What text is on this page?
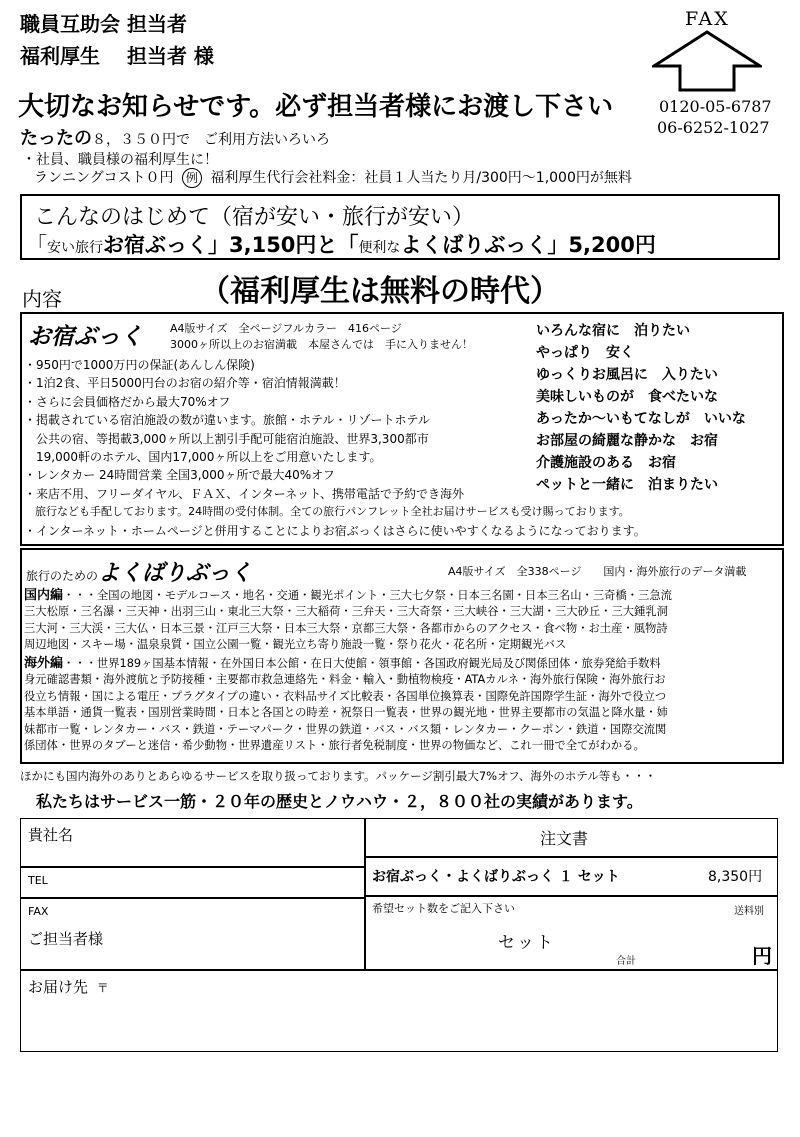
職員互助会 担当者
福利厚生　 担当者 様
FAX
0120-05-6787
06-6252-1027
大切なお知らせです。必ず担当者様にお渡し下さい
たったの８，３５０円で　ご利用方法いろいろ
・社員、職員様の福利厚生に！
ランニングコスト０円 例 福利厚生代行会社料金：社員１人当たり月/300円〜1,000円が無料
こんなのはじめて（宿が安い・旅行が安い）
「安い旅行お宿ぶっく」3,150円と「便利なよくばりぶっく」5,200円
内容	（福利厚生は無料の時代）
お宿ぶっく A4版サイズ　全ページフルカラー　416ページ
3000ヶ所以上のお宿満載　本屋さんでは　手に入りません！
・950円で1000万円の保証(あんしん保険)
・1泊2食、平日5000円台のお宿の紹介等・宿泊情報満載！
・さらに会員価格だから最大70%オフ
・掲載されている宿泊施設の数が違います。旅館・ホテル・リゾートホテル
　公共の宿、等掲載3,000ヶ所以上割引手配可能宿泊施設、世界3,300都市
　19,000軒のホテル、国内17,000ヶ所以上をご用意いたします。
・レンタカー 24時間営業 全国3,000ヶ所で最大40%オフ
・来店不用、フリーダイヤル、ＦＡＸ、インターネット、携帯電話で予約でき海外
　旅行なども手配しております。24時間の受付体制。全ての旅行パンフレット全社お届けサービスも受け賜っております。
・インターネット・ホームページと併用することによりお宿ぶっくはさらに使いやすくなるようになっております。
いろんな宿に　泊りたい
やっぱり　安く
ゆっくりお風呂に　入りたい
美味しいものが　食べたいな
あったか〜いもてなしが　いいな
お部屋の綺麗な静かな　お宿
介護施設のある　お宿
ペットと一緒に　泊まりたい
旅行のためのよくばりぶっく	A4版サイズ　全338ページ　　国内・海外旅行のデータ満載
国内編・・・全国の地図・モデルコース・地名・交通・観光ポイント・三大七夕祭・日本三名園・日本三名山・三奇橋・三急流
三大松原・三名瀑・三天神・出羽三山・東北三大祭・三大稲荷・三弁天・三大奇祭・三大峡谷・三大湖・三大砂丘・三大鍾乳洞
三大河・三大渓・三大仏・日本三景・江戸三大祭・日本三大祭・京都三大祭・各都市からのアクセス・食べ物・お土産・風物詩
周辺地図・スキー場・温泉泉質・国立公園一覧・観光立ち寄り施設一覧・祭り花火・花名所・定期観光バス
海外編・・・世界189ヶ国基本情報・在外国日本公館・在日大使館・領事館・各国政府観光局及び関係団体・旅券発給手数料
身元確認書類・海外渡航と予防接種・主要都市救急連絡先・料金・輸入・動植物検疫・ATAカルネ・海外旅行保険・海外旅行お
役立ち情報・国による電圧・プラグタイプの違い・衣料品サイズ比較表・各国単位換算表・国際免許国際学生証・海外で役立つ
基本単語・通貨一覧表・国別営業時間・日本と各国との時差・祝祭日一覧表・世界の観光地・世界主要都市の気温と降水量・姉
妹都市一覧・レンタカー・バス・鉄道・テーマパーク・世界の鉄道・バス・バス類・レンタカー・クーポン・鉄道・国際交流関
係団体・世界のタブーと迷信・希少動物・世界遺産リスト・旅行者免税制度・世界の物価など、これ一冊で全てがわかる。
ほかにも国内海外のありとあらゆるサービスを取り扱っております。パッケージ割引最大7%オフ、海外のホテル等も・・・
私たちはサービス一筋・２０年の歴史とノウハウ・２，８００社の実績があります。
貴社名
TEL
FAX
ご担当者様
お届け先 〒
注文書
お宿ぶっく・よくばりぶっく １ セット	8,350円
希望セット数をご記入下さい	送料別
セット
合計	円
